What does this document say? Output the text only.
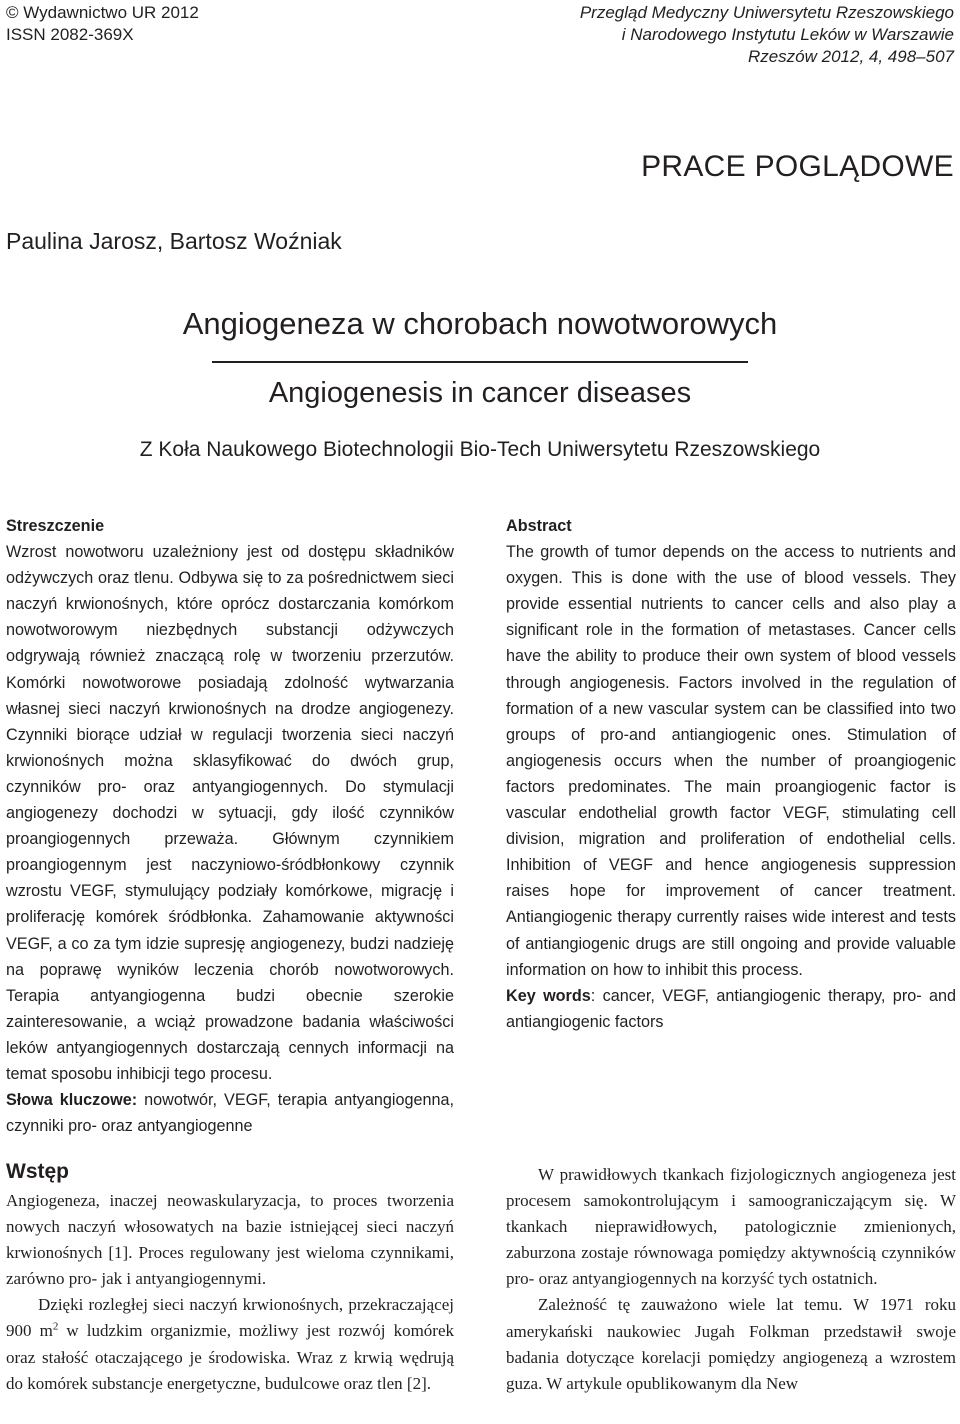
© Wydawnictwo UR 2012
ISSN 2082-369X
Przegląd Medyczny Uniwersytetu Rzeszowskiego
i Narodowego Instytutu Leków w Warszawie
Rzeszów 2012, 4, 498–507
PRACE POGLĄDOWE
Paulina Jarosz, Bartosz Woźniak
Angiogeneza w chorobach nowotworowych
Angiogenesis in cancer diseases
Z Koła Naukowego Biotechnologii Bio-Tech Uniwersytetu Rzeszowskiego

Streszczenie

Wzrost nowotworu uzależniony jest od dostępu składników odżywczych oraz tlenu. Odbywa się to za pośrednictwem sieci naczyń krwionośnych, które oprócz dostarczania komórkom nowotworowym niezbędnych substancji odżywczych odgrywają również znaczącą rolę w tworzeniu przerzutów. Komórki nowotworowe posiadają zdolność wytwarzania własnej sieci naczyń krwionośnych na drodze angiogenezy. Czynniki biorące udział w regulacji tworzenia sieci naczyń krwionośnych można sklasyfikować do dwóch grup, czynników pro- oraz antyangiogennych. Do stymulacji angiogenezy dochodzi w sytuacji, gdy ilość czynników proangiogennych przeważa. Głównym czynnikiem proangiogennym jest naczyniowo-śródbłonkowy czynnik wzrostu VEGF, stymulujący podziały komórkowe, migrację i proliferację komórek śródbłonka. Zahamowanie aktywności VEGF, a co za tym idzie supresję angiogenezy, budzi nadzieję na poprawę wyników leczenia chorób nowotworowych. Terapia antyangiogenna budzi obecnie szerokie zainteresowanie, a wciąż prowadzone badania właściwości leków antyangiogennych dostarczają cennych informacji na temat sposobu inhibicji tego procesu.

Słowa kluczowe: nowotwór, VEGF, terapia antyangiogenna, czynniki pro- oraz antyangiogenne

Abstract

The growth of tumor depends on the access to nutrients and oxygen. This is done with the use of blood vessels. They provide essential nutrients to cancer cells and also play a significant role in the formation of metastases. Cancer cells have the ability to produce their own system of blood vessels through angiogenesis. Factors involved in the regulation of formation of a new vascular system can be classified into two groups of pro-and antiangiogenic ones. Stimulation of angiogenesis occurs when the number of proangiogenic factors predominates. The main proangiogenic factor is vascular endothelial growth factor VEGF, stimulating cell division, migration and proliferation of endothelial cells. Inhibition of VEGF and hence angiogenesis suppression raises hope for improvement of cancer treatment. Antiangiogenic therapy currently raises wide interest and tests of antiangiogenic drugs are still ongoing and provide valuable information on how to inhibit this process.

Key words: cancer, VEGF, antiangiogenic therapy, pro- and antiangiogenic factors

Wstęp

Angiogeneza, inaczej neowaskularyzacja, to proces tworzenia nowych naczyń włosowatych na bazie istniejącej sieci naczyń krwionośnych [1]. Proces regulowany jest wieloma czynnikami, zarówno pro- jak i antyangiogennymi.

Dzięki rozległej sieci naczyń krwionośnych, przekraczającej 900 $m^2$ w ludzkim organizmie, możliwy jest rozwój komórek oraz stałość otaczającego je środowiska. Wraz z krwią wędrują do komórek substancje energetyczne, budulcowe oraz tlen [2].

W prawidłowych tkankach fizjologicznych angiogeneza jest procesem samokontrolującym i samoograniczającym się. W tkankach nieprawidłowych, patologicznie zmienionych, zaburzona zostaje równowaga pomiędzy aktywnością czynników pro- oraz antyangiogennych na korzyść tych ostatnich.

Zależność tę zauważono wiele lat temu. W 1971 roku amerykański naukowiec Jugah Folkman przedstawił swoje badania dotyczące korelacji pomiędzy angiogenezą a wzrostem guza. W artykule opublikowanym dla New
